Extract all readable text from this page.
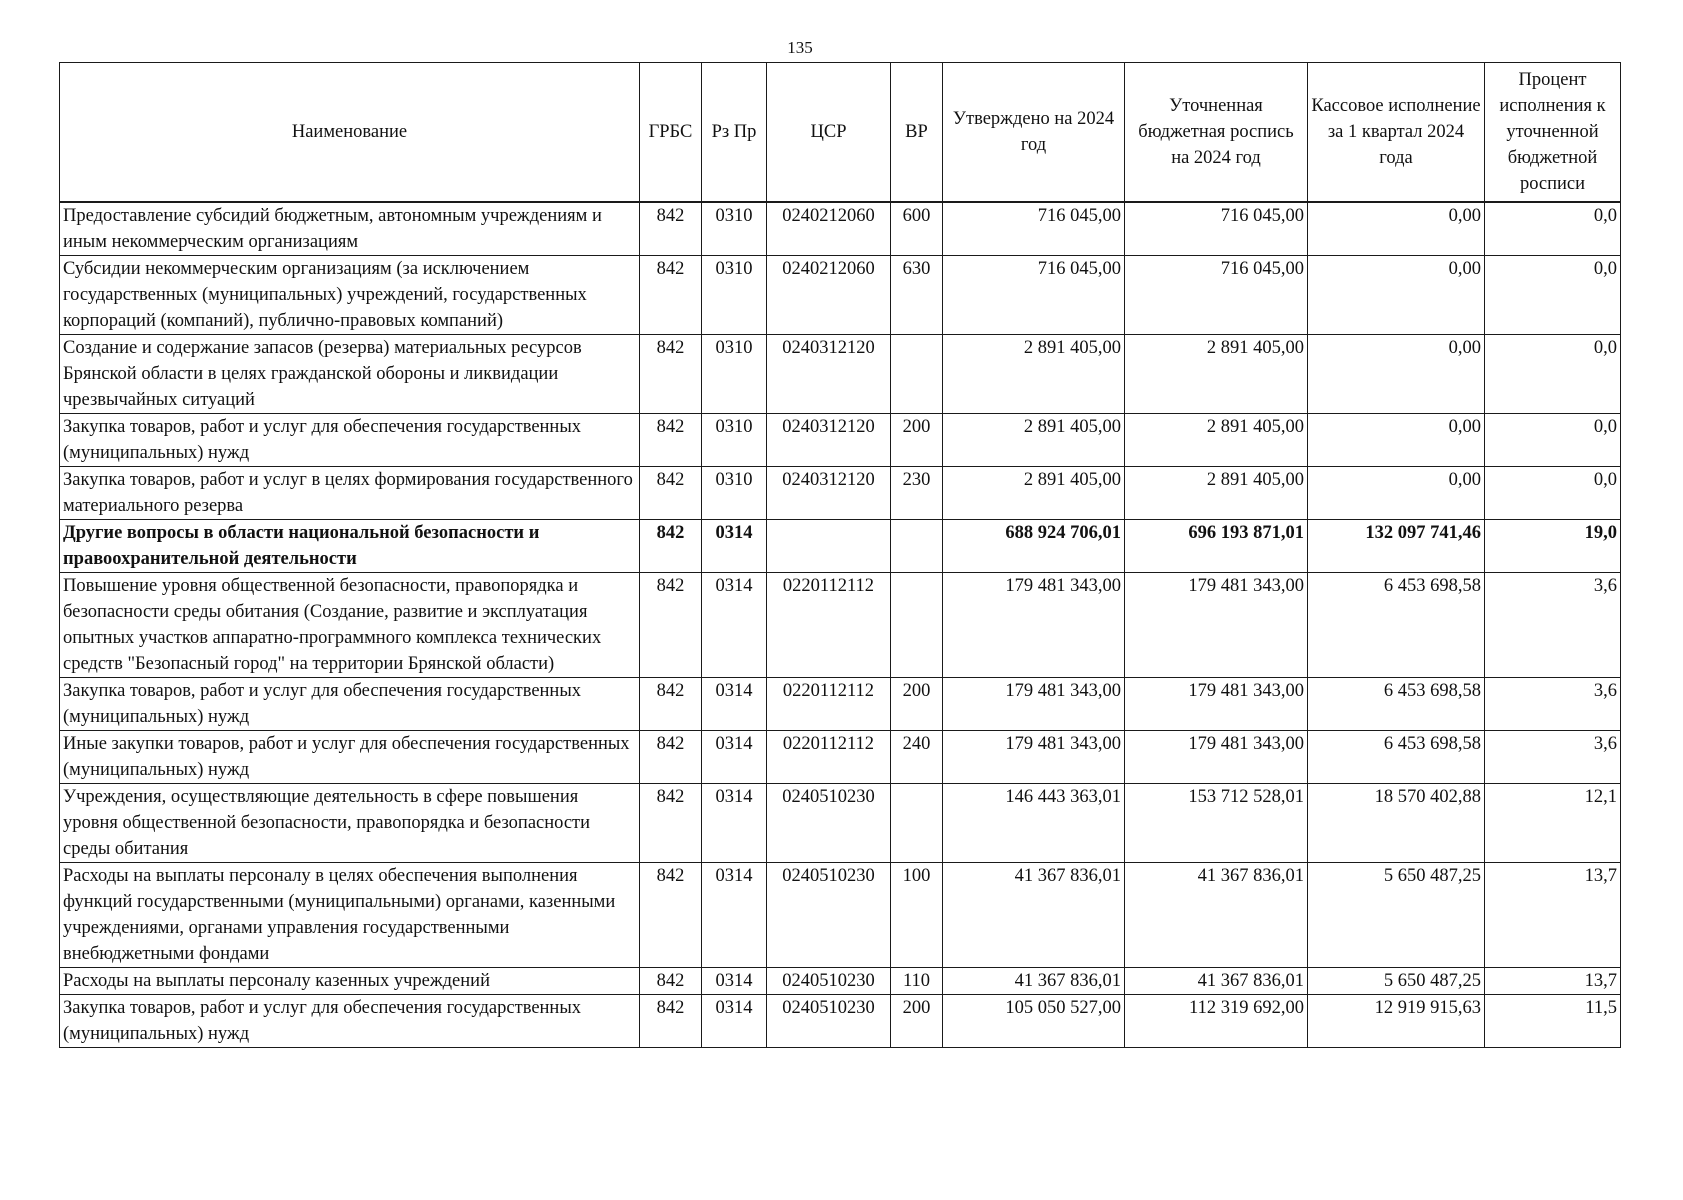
135
Наименование	ГРБС	Рз Пр	ЦСР	ВР	Утверждено на 2024 год	Уточненная бюджетная роспись на 2024 год	Кассовое исполнение за 1 квартал 2024 года	Процент исполнения к уточненной бюджетной росписи
Предоставление субсидий бюджетным, автономным учреждениям и иным некоммерческим организациям	842	0310	0240212060	600	716 045,00	716 045,00	0,00	0,0
Субсидии некоммерческим организациям (за исключением государственных (муниципальных) учреждений, государственных корпораций (компаний), публично-правовых компаний)	842	0310	0240212060	630	716 045,00	716 045,00	0,00	0,0
Создание и содержание запасов (резерва) материальных ресурсов Брянской области в целях гражданской обороны и ликвидации чрезвычайных ситуаций	842	0310	0240312120		2 891 405,00	2 891 405,00	0,00	0,0
Закупка товаров, работ и услуг для обеспечения государственных (муниципальных) нужд	842	0310	0240312120	200	2 891 405,00	2 891 405,00	0,00	0,0
Закупка товаров, работ и услуг в целях формирования государственного материального резерва	842	0310	0240312120	230	2 891 405,00	2 891 405,00	0,00	0,0
Другие вопросы в области национальной безопасности и правоохранительной деятельности	842	0314			688 924 706,01	696 193 871,01	132 097 741,46	19,0
Повышение уровня общественной безопасности, правопорядка и безопасности среды обитания (Создание, развитие и эксплуатация опытных участков аппаратно-программного комплекса технических средств "Безопасный город" на территории Брянской области)	842	0314	0220112112		179 481 343,00	179 481 343,00	6 453 698,58	3,6
Закупка товаров, работ и услуг для обеспечения государственных (муниципальных) нужд	842	0314	0220112112	200	179 481 343,00	179 481 343,00	6 453 698,58	3,6
Иные закупки товаров, работ и услуг для обеспечения государственных (муниципальных) нужд	842	0314	0220112112	240	179 481 343,00	179 481 343,00	6 453 698,58	3,6
Учреждения, осуществляющие деятельность в сфере повышения уровня общественной безопасности, правопорядка и безопасности среды обитания	842	0314	0240510230		146 443 363,01	153 712 528,01	18 570 402,88	12,1
Расходы на выплаты персоналу в целях обеспечения выполнения функций государственными (муниципальными) органами, казенными учреждениями, органами управления государственными внебюджетными фондами	842	0314	0240510230	100	41 367 836,01	41 367 836,01	5 650 487,25	13,7
Расходы на выплаты персоналу казенных учреждений	842	0314	0240510230	110	41 367 836,01	41 367 836,01	5 650 487,25	13,7
Закупка товаров, работ и услуг для обеспечения государственных (муниципальных) нужд	842	0314	0240510230	200	105 050 527,00	112 319 692,00	12 919 915,63	11,5
